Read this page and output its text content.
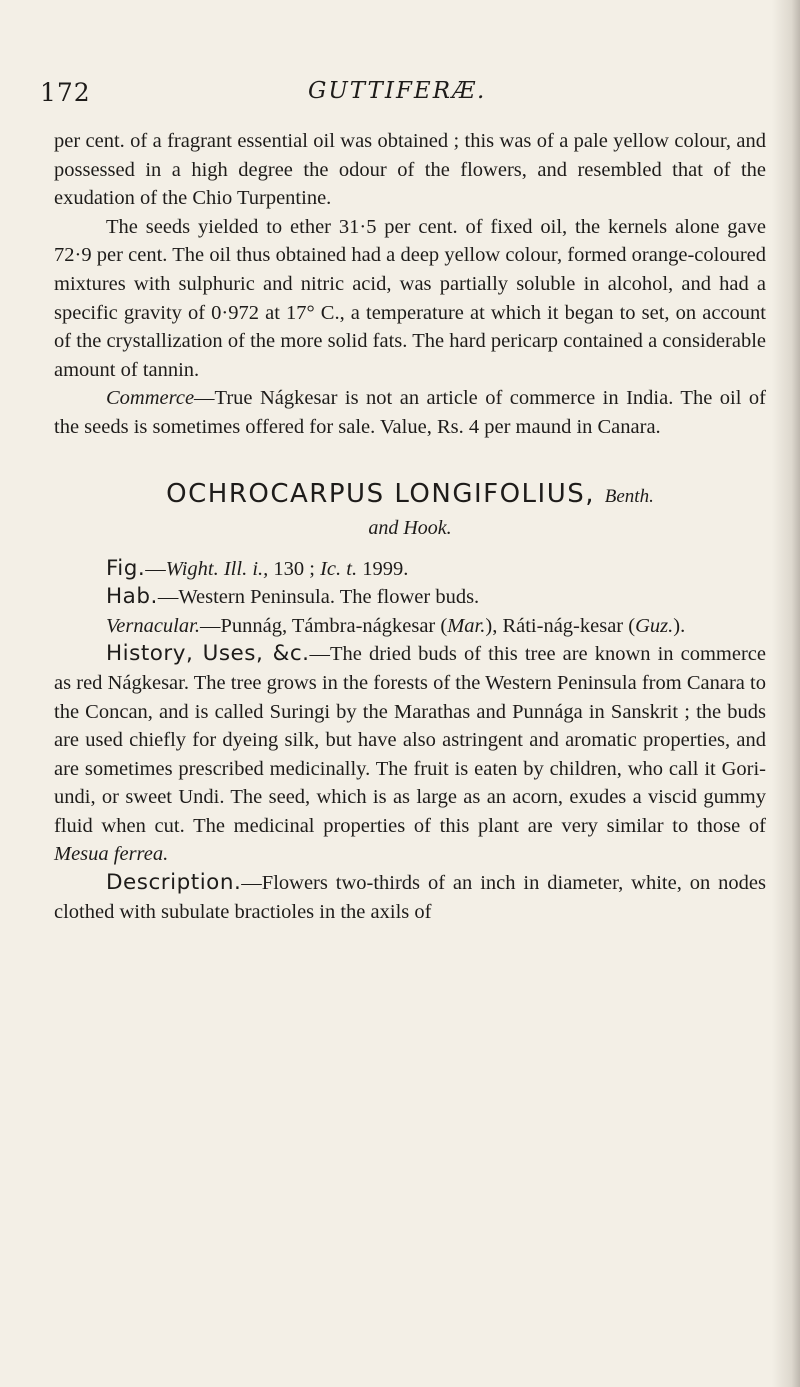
172	GUTTIFERÆ.

per cent. of a fragrant essential oil was obtained ; this was of a pale yellow colour, and possessed in a high degree the odour of the flowers, and resembled that of the exudation of the Chio Turpentine.

The seeds yielded to ether 31·5 per cent. of fixed oil, the kernels alone gave 72·9 per cent. The oil thus obtained had a deep yellow colour, formed orange-coloured mixtures with sulphuric and nitric acid, was partially soluble in alcohol, and had a specific gravity of 0·972 at 17° C., a temperature at which it began to set, on account of the crystallization of the more solid fats. The hard pericarp contained a considerable amount of tannin.

Commerce—True Nágkesar is not an article of commerce in India. The oil of the seeds is sometimes offered for sale. Value, Rs. 4 per maund in Canara.

OCHROCARPUS LONGIFOLIUS, Benth.
and Hook.

Fig.—Wight. Ill. i., 130 ; Ic. t. 1999.

Hab.—Western Peninsula. The flower buds.

Vernacular.—Punnág, Támbra-nágkesar (Mar.), Ráti-nág-kesar (Guz.).

History, Uses, &c.—The dried buds of this tree are known in commerce as red Nágkesar. The tree grows in the forests of the Western Peninsula from Canara to the Concan, and is called Suringi by the Marathas and Punnága in Sanskrit ; the buds are used chiefly for dyeing silk, but have also astringent and aromatic properties, and are sometimes prescribed medicinally. The fruit is eaten by children, who call it Gori-undi, or sweet Undi. The seed, which is as large as an acorn, exudes a viscid gummy fluid when cut. The medicinal properties of this plant are very similar to those of Mesua ferrea.

Description.—Flowers two-thirds of an inch in diameter, white, on nodes clothed with subulate bractioles in the axils of
